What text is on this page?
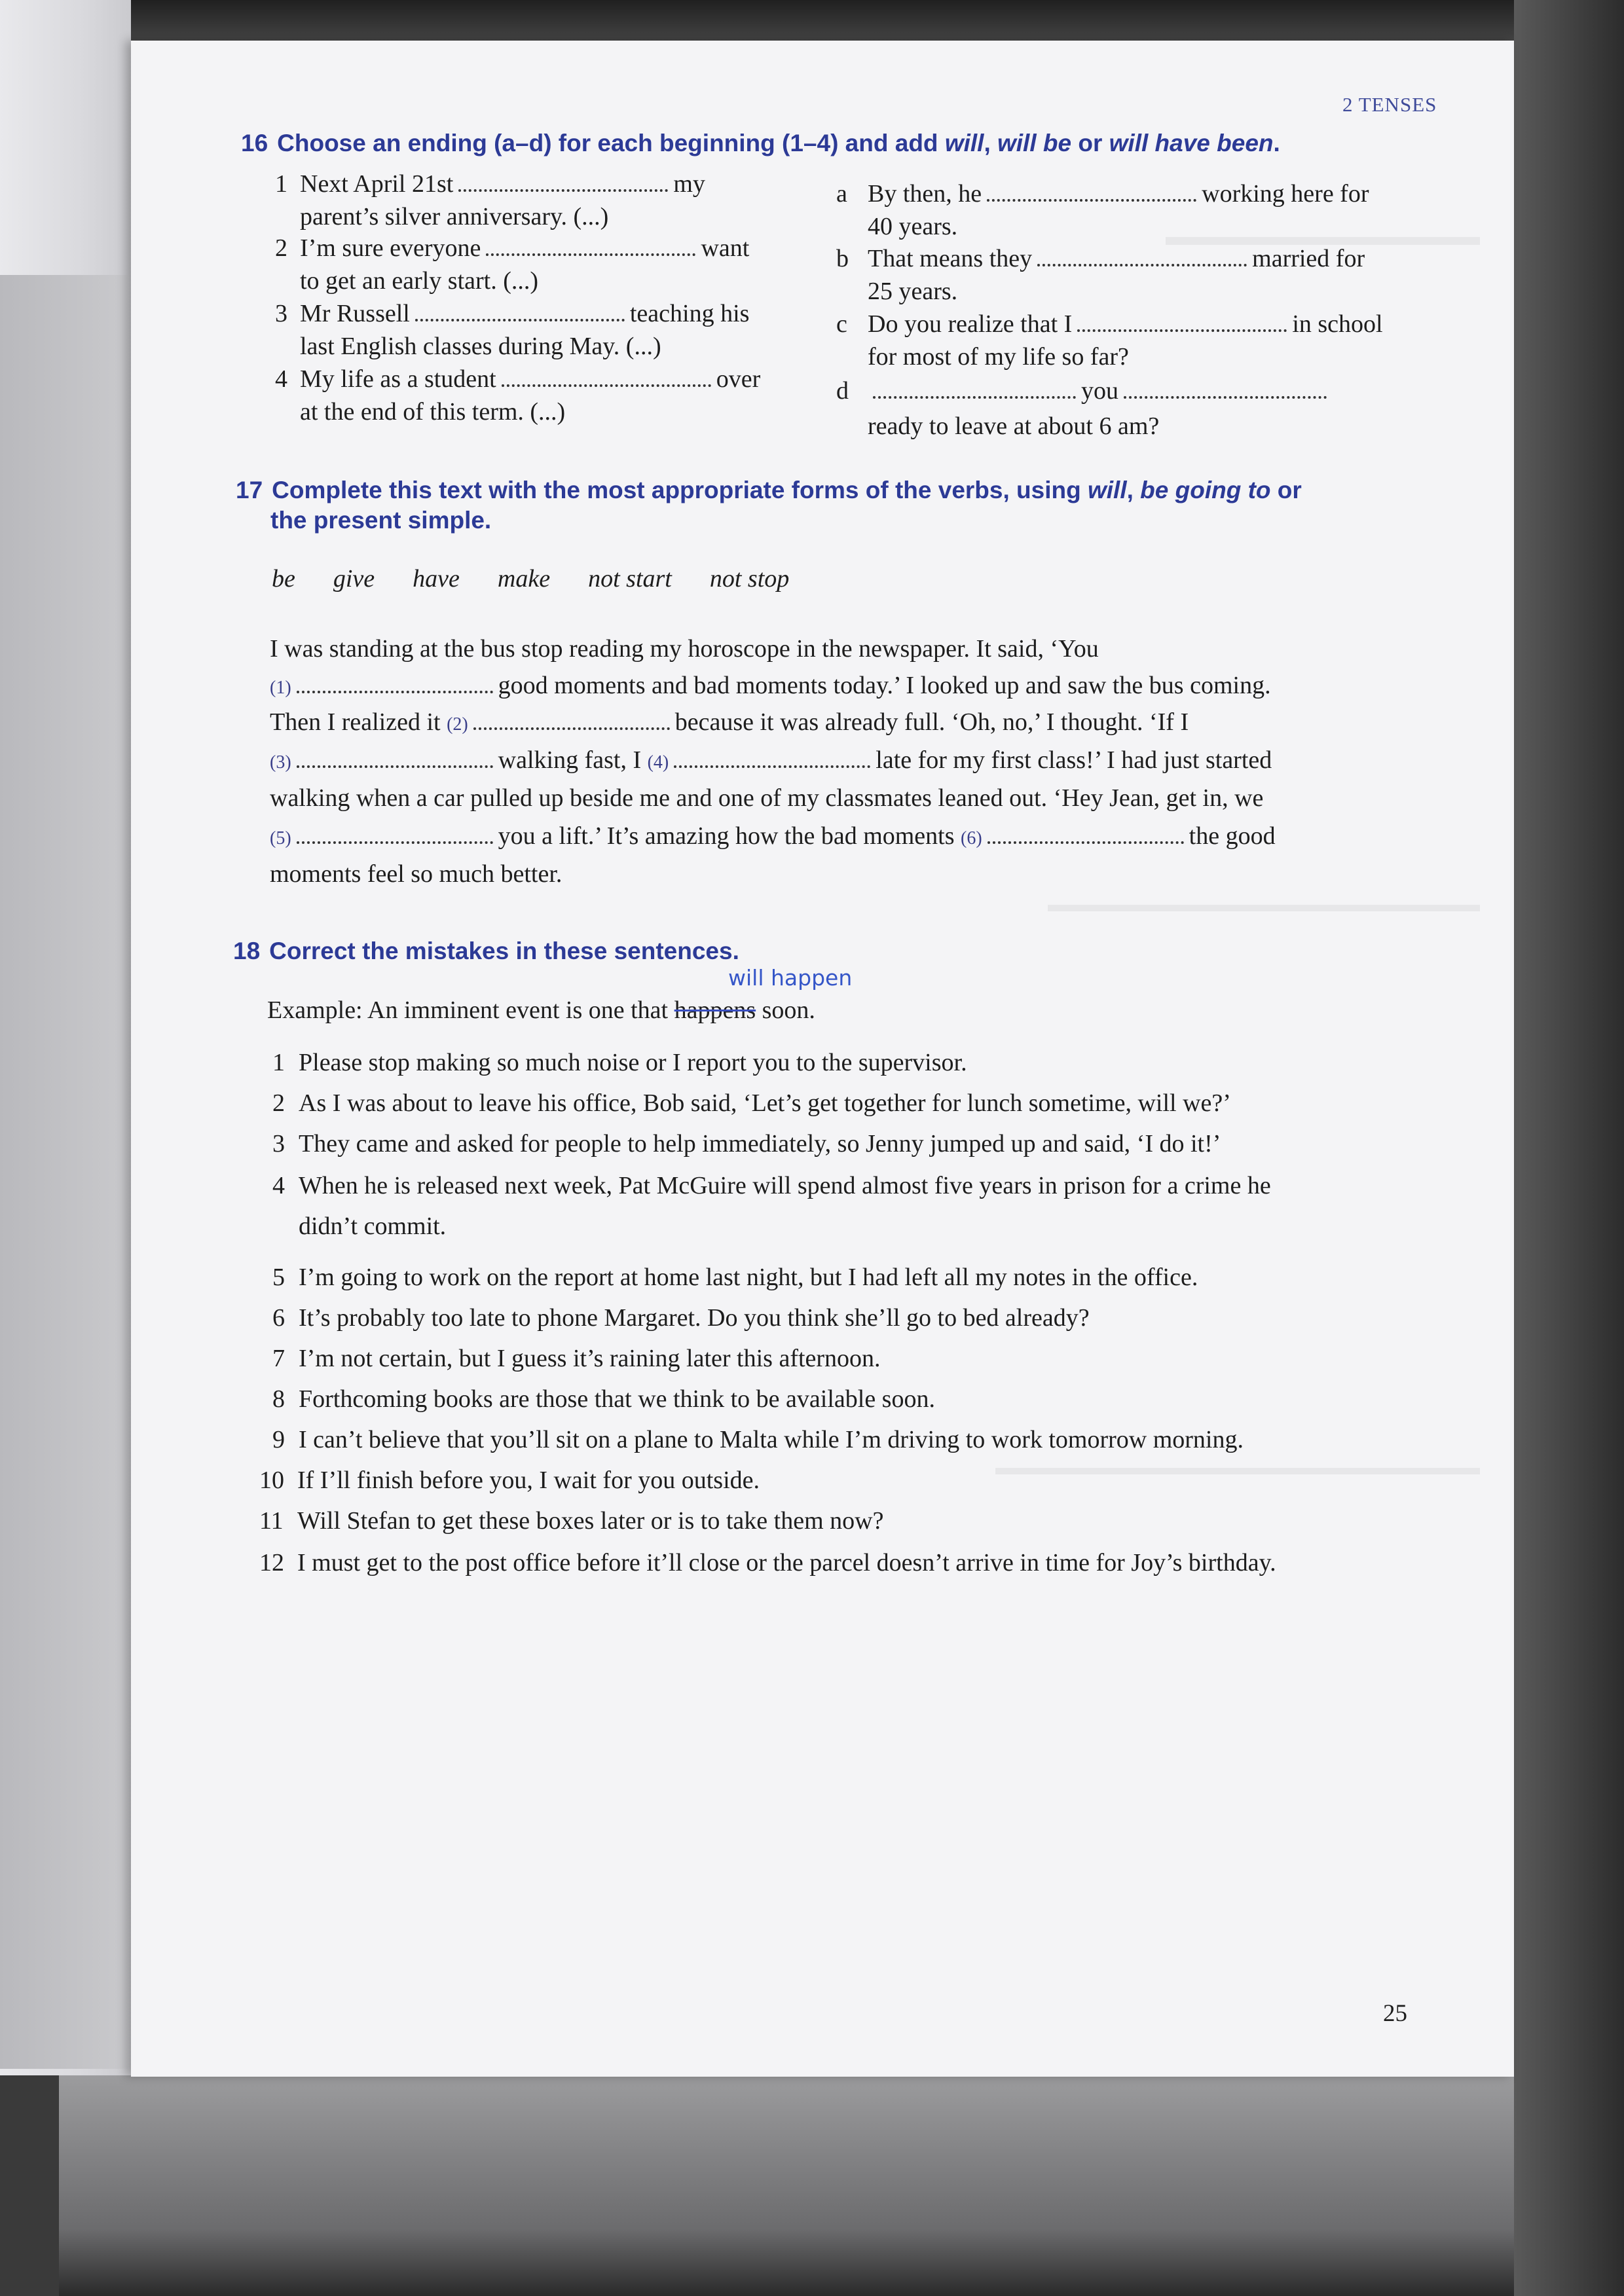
2 TENSES
16 Choose an ending (a–d) for each beginning (1–4) and add will, will be or will have been.
1 Next April 21st	my
parent’s silver anniversary. (...)
2 I’m sure everyone	want
to get an early start. (...)
3 Mr Russell	teaching his
last English classes during May. (...)
4 My life as a student	over
at the end of this term. (...)
a By then, he	working here for
40 years.
b That means they	married for
25 years.
c Do you realize that I	in school
for most of my life so far?
d	you
ready to leave at about 6 am?
17 Complete this text with the most appropriate forms of the verbs, using will, be going to or
the present simple.
be give have make not start not stop
I was standing at the bus stop reading my horoscope in the newspaper. It said, ‘You
(1)	good moments and bad moments today.’ I looked up and saw the bus coming.
Then I realized it (2)	because it was already full. ‘Oh, no,’ I thought. ‘If I
(3)	walking fast, I (4)	late for my first class!’ I had just started
walking when a car pulled up beside me and one of my classmates leaned out. ‘Hey Jean, get in, we
(5)	you a lift.’ It’s amazing how the bad moments (6)	the good
moments feel so much better.
18 Correct the mistakes in these sentences.
will happen
Example: An imminent event is one that happens soon.
1 Please stop making so much noise or I report you to the supervisor.
2 As I was about to leave his office, Bob said, ‘Let’s get together for lunch sometime, will we?’
3 They came and asked for people to help immediately, so Jenny jumped up and said, ‘I do it!’
4 When he is released next week, Pat McGuire will spend almost five years in prison for a crime he
didn’t commit.
5 I’m going to work on the report at home last night, but I had left all my notes in the office.
6 It’s probably too late to phone Margaret. Do you think she’ll go to bed already?
7 I’m not certain, but I guess it’s raining later this afternoon.
8 Forthcoming books are those that we think to be available soon.
9 I can’t believe that you’ll sit on a plane to Malta while I’m driving to work tomorrow morning.
10 If I’ll finish before you, I wait for you outside.
11 Will Stefan to get these boxes later or is to take them now?
12 I must get to the post office before it’ll close or the parcel doesn’t arrive in time for Joy’s birthday.
25
